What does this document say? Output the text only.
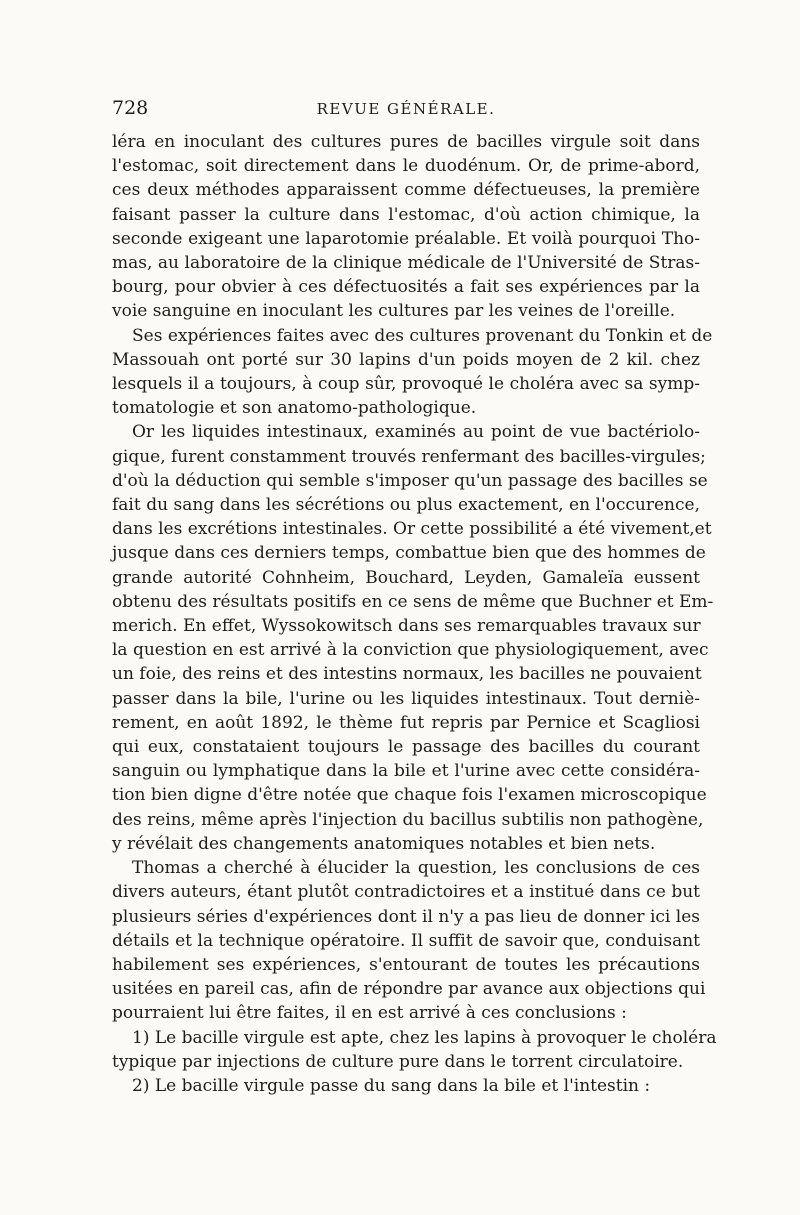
728	REVUE GÉNÉRALE.
léra en inoculant des cultures pures de bacilles virgule soit dans
l'estomac, soit directement dans le duodénum. Or, de prime-abord,
ces deux méthodes apparaissent comme défectueuses, la première
faisant passer la culture dans l'estomac, d'où action chimique, la
seconde exigeant une laparotomie préalable. Et voilà pourquoi Tho-
mas, au laboratoire de la clinique médicale de l'Université de Stras-
bourg, pour obvier à ces défectuosités a fait ses expériences par la
voie sanguine en inoculant les cultures par les veines de l'oreille.
Ses expériences faites avec des cultures provenant du Tonkin et de
Massouah ont porté sur 30 lapins d'un poids moyen de 2 kil. chez
lesquels il a toujours, à coup sûr, provoqué le choléra avec sa symp-
tomatologie et son anatomo-pathologique.
Or les liquides intestinaux, examinés au point de vue bactériolo-
gique, furent constamment trouvés renfermant des bacilles-virgules;
d'où la déduction qui semble s'imposer qu'un passage des bacilles se
fait du sang dans les sécrétions ou plus exactement, en l'occurence,
dans les excrétions intestinales. Or cette possibilité a été vivement,et
jusque dans ces derniers temps, combattue bien que des hommes de
grande autorité Cohnheim, Bouchard, Leyden, Gamaleïa eussent
obtenu des résultats positifs en ce sens de même que Buchner et Em-
merich. En effet, Wyssokowitsch dans ses remarquables travaux sur
la question en est arrivé à la conviction que physiologiquement, avec
un foie, des reins et des intestins normaux, les bacilles ne pouvaient
passer dans la bile, l'urine ou les liquides intestinaux. Tout derniè-
rement, en août 1892, le thème fut repris par Pernice et Scagliosi
qui eux, constataient toujours le passage des bacilles du courant
sanguin ou lymphatique dans la bile et l'urine avec cette considéra-
tion bien digne d'être notée que chaque fois l'examen microscopique
des reins, même après l'injection du bacillus subtilis non pathogène,
y révélait des changements anatomiques notables et bien nets.
Thomas a cherché à élucider la question, les conclusions de ces
divers auteurs, étant plutôt contradictoires et a institué dans ce but
plusieurs séries d'expériences dont il n'y a pas lieu de donner ici les
détails et la technique opératoire. Il suffit de savoir que, conduisant
habilement ses expériences, s'entourant de toutes les précautions
usitées en pareil cas, afin de répondre par avance aux objections qui
pourraient lui être faites, il en est arrivé à ces conclusions :
1) Le bacille virgule est apte, chez les lapins à provoquer le choléra
typique par injections de culture pure dans le torrent circulatoire.
2) Le bacille virgule passe du sang dans la bile et l'intestin :
